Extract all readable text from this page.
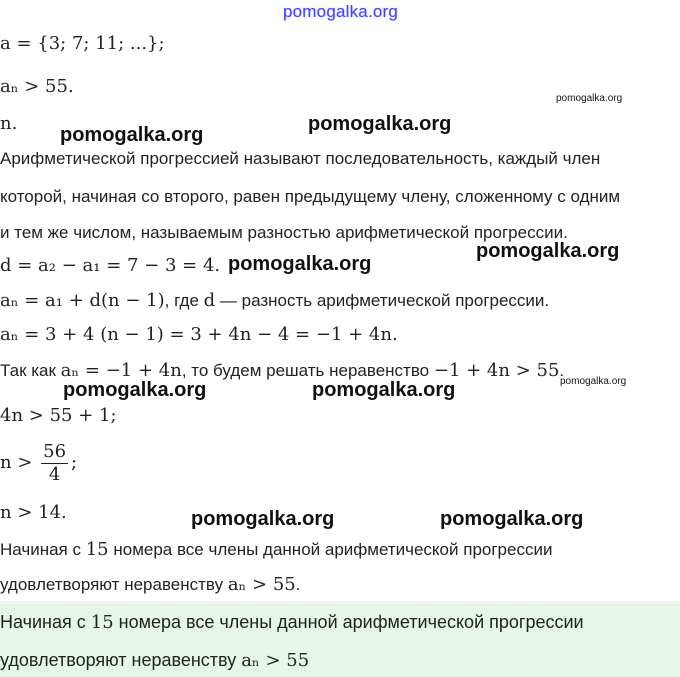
pomogalka.org
a = {3; 7; 11; ...};
aₙ > 55.
n.
Арифметической прогрессией называют последовательность, каждый член
которой, начиная со второго, равен предыдущему члену, сложенному с одним
и тем же числом, называемым разностью арифметической прогрессии.
d = a₂ − a₁ = 7 − 3 = 4.
aₙ = a₁ + d(n − 1), где d — разность арифметической прогрессии.
aₙ = 3 + 4 (n − 1) = 3 + 4n − 4 = −1 + 4n.
Так как aₙ = −1 + 4n, то будем решать неравенство −1 + 4n > 55.
4n > 55 + 1;
$n > \frac{56}{4}$ ;
n > 14.
Начиная с 15 номера все члены данной арифметической прогрессии
удовлетворяют неравенству aₙ > 55.
Начиная с 15 номера все члены данной арифметической прогрессии
удовлетворяют неравенству aₙ > 55
pomogalka.org	pomogalka.org
pomogalka.org
pomogalka.org
pomogalka.org
pomogalka.org	pomogalka.org	pomogalka.org
pomogalka.org	pomogalka.org
